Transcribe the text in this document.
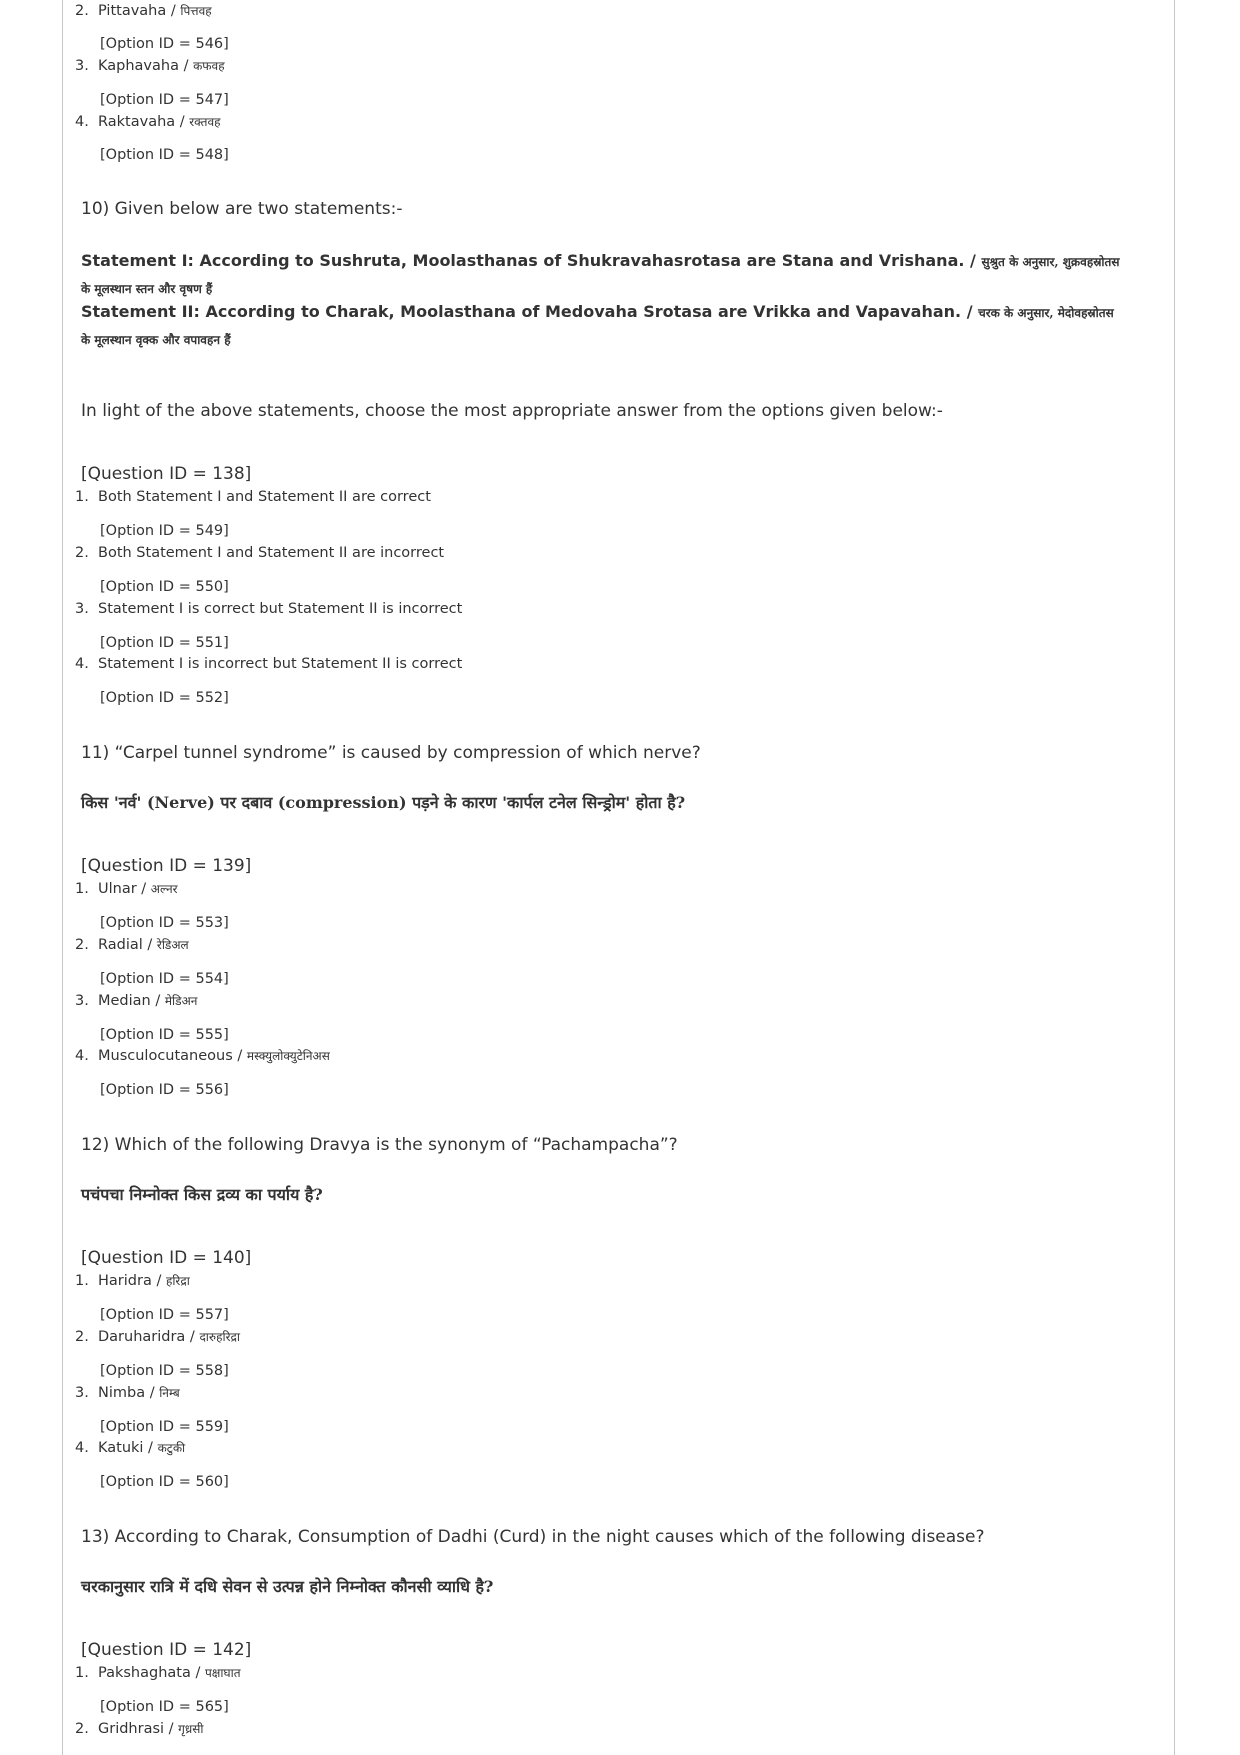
2. Pittavaha / पित्तवह
[Option ID = 546]
3. Kaphavaha / कफवह
[Option ID = 547]
4. Raktavaha / रक्तवह
[Option ID = 548]
10) Given below are two statements:-
Statement I: According to Sushruta, Moolasthanas of Shukravahasrotasa are Stana and Vrishana. / सुश्रुत के अनुसार, शुक्रवहस्रोतस के मूलस्थान स्तन और वृषण हैं
Statement II: According to Charak, Moolasthana of Medovaha Srotasa are Vrikka and Vapavahan. / चरक के अनुसार, मेदोवहस्रोतस के मूलस्थान वृक्क और वपावहन हैं
In light of the above statements, choose the most appropriate answer from the options given below:-
[Question ID = 138]
1. Both Statement I and Statement II are correct
[Option ID = 549]
2. Both Statement I and Statement II are incorrect
[Option ID = 550]
3. Statement I is correct but Statement II is incorrect
[Option ID = 551]
4. Statement I is incorrect but Statement II is correct
[Option ID = 552]
11) “Carpel tunnel syndrome” is caused by compression of which nerve?
किस 'नर्व' (Nerve) पर दबाव (compression) पड़ने के कारण 'कार्पल टनेल सिन्ड्रोम' होता है?
[Question ID = 139]
1. Ulnar / अल्नर
[Option ID = 553]
2. Radial / रेडिअल
[Option ID = 554]
3. Median / मेडिअन
[Option ID = 555]
4. Musculocutaneous / मस्क्युलोक्युटेनिअस
[Option ID = 556]
12) Which of the following Dravya is the synonym of “Pachampacha”?
पचंपचा निम्नोक्त किस द्रव्य का पर्याय है?
[Question ID = 140]
1. Haridra / हरिद्रा
[Option ID = 557]
2. Daruharidra / दारुहरिद्रा
[Option ID = 558]
3. Nimba / निम्ब
[Option ID = 559]
4. Katuki / कटुकी
[Option ID = 560]
13) According to Charak, Consumption of Dadhi (Curd) in the night causes which of the following disease?
चरकानुसार रात्रि में दधि सेवन से उत्पन्न होने निम्नोक्त कौनसी व्याधि है?
[Question ID = 142]
1. Pakshaghata / पक्षाघात
[Option ID = 565]
2. Gridhrasi / गृध्रसी
